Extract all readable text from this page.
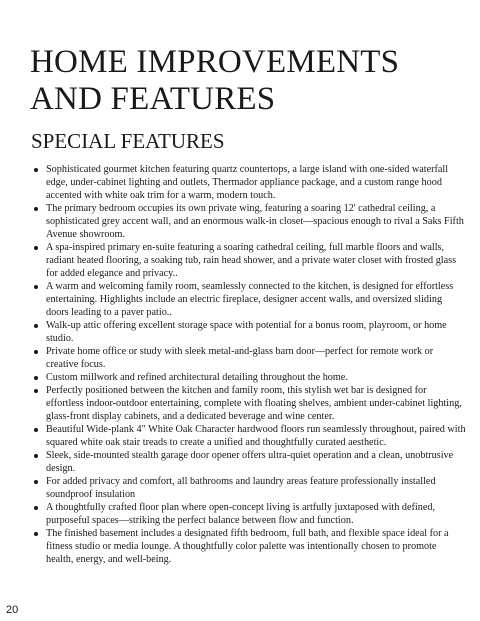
HOME IMPROVEMENTS AND FEATURES
SPECIAL FEATURES
Sophisticated gourmet kitchen featuring quartz countertops, a large island with one-sided waterfall edge, under-cabinet lighting and outlets, Thermador appliance package, and a custom range hood accented with white oak trim for a warm, modern touch.
The primary bedroom occupies its own private wing, featuring a soaring 12' cathedral ceiling, a sophisticated grey accent wall, and an enormous walk-in closet—spacious enough to rival a Saks Fifth Avenue showroom.
A spa-inspired primary en-suite featuring a soaring cathedral ceiling, full marble floors and walls, radiant heated flooring, a soaking tub, rain head shower, and a private water closet with frosted glass for added elegance and privacy..
A warm and welcoming family room, seamlessly connected to the kitchen, is designed for effortless entertaining. Highlights include an electric fireplace, designer accent walls, and oversized sliding doors leading to a paver patio..
Walk-up attic offering excellent storage space with potential for a bonus room, playroom, or home studio.
Private home office or study with sleek metal-and-glass barn door—perfect for remote work or creative focus.
Custom millwork and refined architectural detailing throughout the home.
Perfectly positioned between the kitchen and family room, this stylish wet bar is designed for effortless indoor-outdoor entertaining, complete with floating shelves, ambient under-cabinet lighting, glass-front display cabinets, and a dedicated beverage and wine center.
Beautiful Wide-plank 4" White Oak Character hardwood floors run seamlessly throughout, paired with squared white oak stair treads to create a unified and thoughtfully curated aesthetic.
Sleek, side-mounted stealth garage door opener offers ultra-quiet operation and a clean, unobtrusive design.
For added privacy and comfort, all bathrooms and laundry areas feature professionally installed soundproof insulation
A thoughtfully crafted floor plan where open-concept living is artfully juxtaposed with defined, purposeful spaces—striking the perfect balance between flow and function.
The finished basement includes a designated fifth bedroom, full bath, and flexible space ideal for a fitness studio or media lounge. A thoughtfully color palette was intentionally chosen to promote health, energy, and well-being.
20
